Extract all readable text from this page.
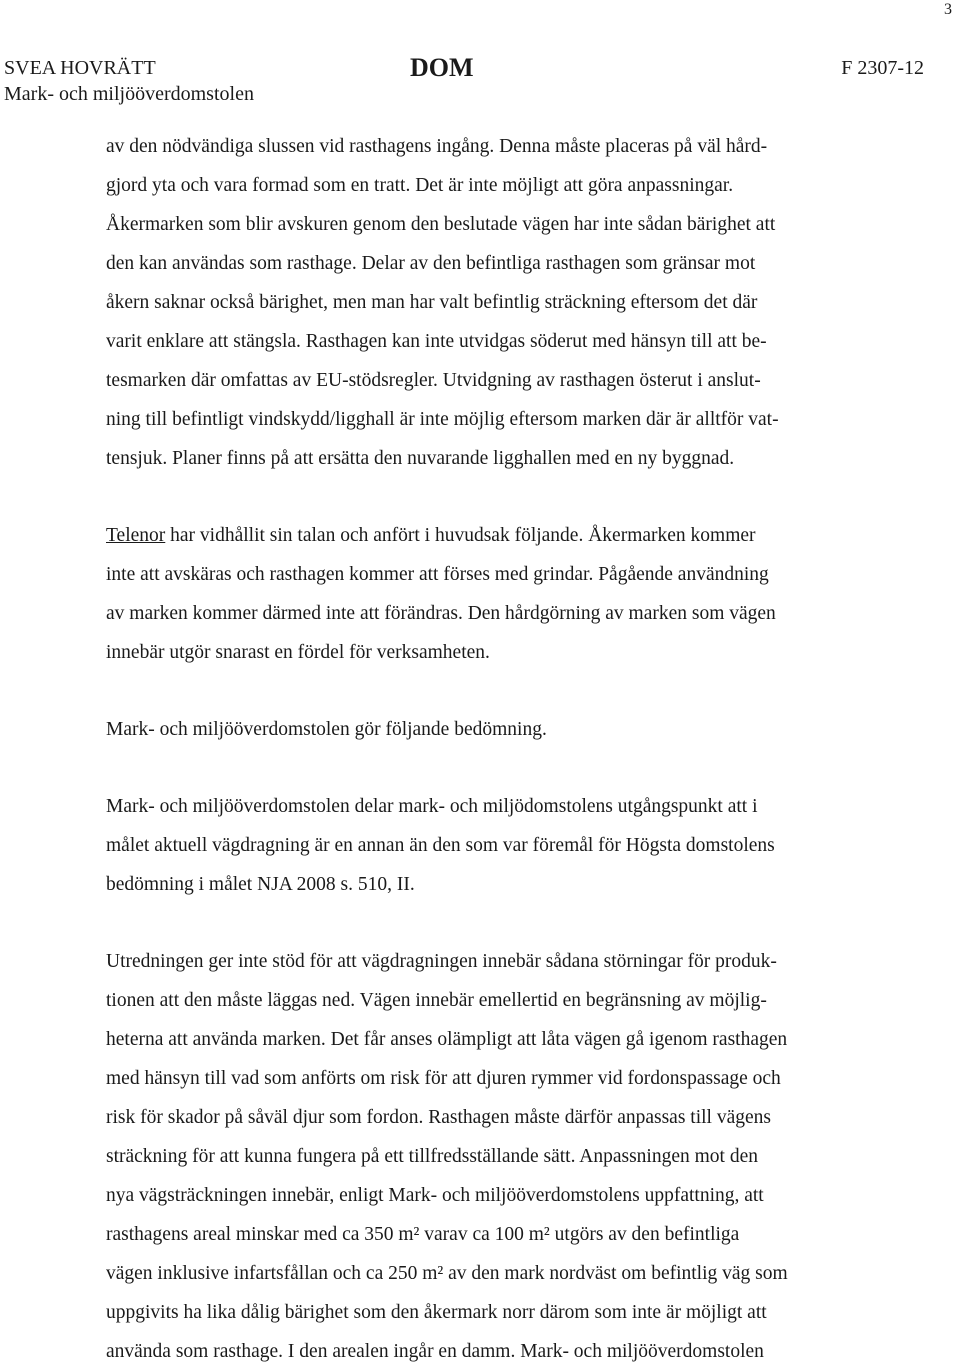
3
SVEA HOVRÄTT
Mark- och miljööverdomstolen
DOM	F 2307-12
av den nödvändiga slussen vid rasthagens ingång. Denna måste placeras på väl hård-
gjord yta och vara formad som en tratt. Det är inte möjligt att göra anpassningar.
Åkermarken som blir avskuren genom den beslutade vägen har inte sådan bärighet att
den kan användas som rasthage. Delar av den befintliga rasthagen som gränsar mot
åkern saknar också bärighet, men man har valt befintlig sträckning eftersom det där
varit enklare att stängsla. Rasthagen kan inte utvidgas söderut med hänsyn till att be-
tesmarken där omfattas av EU-stödsregler. Utvidgning av rasthagen österut i anslut-
ning till befintligt vindskydd/ligghall är inte möjlig eftersom marken där är alltför vat-
tensjuk. Planer finns på att ersätta den nuvarande ligghallen med en ny byggnad.
Telenor har vidhållit sin talan och anfört i huvudsak följande. Åkermarken kommer
inte att avskäras och rasthagen kommer att förses med grindar. Pågående användning
av marken kommer därmed inte att förändras. Den hårdgörning av marken som vägen
innebär utgör snarast en fördel för verksamheten.
Mark- och miljööverdomstolen gör följande bedömning.
Mark- och miljööverdomstolen delar mark- och miljödomstolens utgångspunkt att i
målet aktuell vägdragning är en annan än den som var föremål för Högsta domstolens
bedömning i målet NJA 2008 s. 510, II.
Utredningen ger inte stöd för att vägdragningen innebär sådana störningar för produk-
tionen att den måste läggas ned. Vägen innebär emellertid en begränsning av möjlig-
heterna att använda marken. Det får anses olämpligt att låta vägen gå igenom rasthagen
med hänsyn till vad som anförts om risk för att djuren rymmer vid fordonspassage och
risk för skador på såväl djur som fordon. Rasthagen måste därför anpassas till vägens
sträckning för att kunna fungera på ett tillfredsställande sätt. Anpassningen mot den
nya vägsträckningen innebär, enligt Mark- och miljööverdomstolens uppfattning, att
rasthagens areal minskar med ca 350 m² varav ca 100 m² utgörs av den befintliga
vägen inklusive infartsfållan och ca 250 m² av den mark nordväst om befintlig väg som
uppgivits ha lika dålig bärighet som den åkermark norr därom som inte är möjligt att
använda som rasthage. I den arealen ingår en damm. Mark- och miljööverdomstolen
